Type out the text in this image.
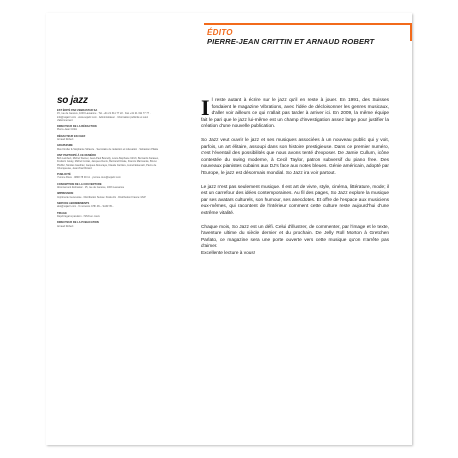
ÉDITO
PIERRE-JEAN CRITTIN ET ARNAUD ROBERT
so jazz
EST ÉDITÉ PAR ZEBRASTAR SA
15, rue de Genève, 1003 Lausanne · Tél. +41 21 311 77 22 · Fax +41 21 311 77 77 · info@sojazz.com · www.sojazz.com · Administrateur · Information publicité et suivi d'abonnement
DIRECTEUR DE LA RÉDACTION
Pierre-Jean Crittin
RÉDACTEUR EN CHEF
Arnaud Robert
GRAPHISME
Max Kindler & Stéphanie Sirlauze · Secrétaire de rédaction et indexation · Sébastien Pilatte
ONT PARTICIPÉ À CE NUMÉRO
Bob Lambert, Michel Steiner, Jean-Paul Bourelly, Louis-Stéphane Ulrich, Bernardo Karasec, Frédéric Goaty, Michel Contat, Jacques Denis, Bertrand Dicale, Francis Marmande, Bruno Pfeiffer, Nicolas Gauthier, Jacques Aboucaya, Claude Carrière, Lionel Eskenazi, Pierre de Chocqueuse, Jean-Paul Ricard
PUBLICITÉ
Yvonne Roux · 0848 78 00 11 · yvonne.roux@sojazz.com
CONCEPTION DE LA COUVERTURE
Abonnement Zebrastar · 15, rue de Genève, 1003 Lausanne
IMPRESSION
Imprimerie Genevoise · Distribution Suisse: Kiosk AG · Distribution France: MLP
SERVICE ABONNEMENTS
abo@sojazz.com · 6 numéros CHF 48.- / EUR 35.-
TIRAGE
Dépôt légal à parution · ISSN en cours
DIRECTEUR DE LA PUBLICATION
Arnaud Robert

Il reste autant à écrire sur le jazz qu'il en reste à jouer. En 1991, des Suisses fondaient le magazine Vibrations, avec l'idée de décloisonner les genres musicaux, d'aller voir ailleurs ce qui n'allait pas tarder à arriver ici. En 2009, la même équipe fait le pari que le jazz lui-même est un champ d'investigation assez large pour justifier la création d'une nouvelle publication.

So Jazz veut ouvrir le jazz et ses musiques associées à un nouveau public qui y voit, parfois, un art élitaire, assoupi dans son histoire prestigieuse. Dans ce premier numéro, c'est l'éventail des possibilités que nous avons tenté d'exposer. De Jamie Cullum, icône contestée du swing moderne, à Cecil Taylor, patron subversif du piano free. Des nouveaux pianistes cubains aux DJ's face aux notes bleues. Génie américain, adopté par l'Europe, le jazz est désormais mondial. So Jazz ira voir partout.

Le jazz n'est pas seulement musique. Il est art de vivre, style, cinéma, littérature, mode; il est un carrefour des idées contemporaines. Au fil des pages, So Jazz explore la musique par ses avatars culturels, son humour, ses anecdotes. Et offre de l'espace aux musiciens eux-mêmes, qui racontent de l'intérieur comment cette culture reste aujourd'hui d'une extrême vitalité.

Chaque mois, So Jazz est un défi. Celui d'illustrer, de commenter, par l'image et le texte, l'aventure ultime du siècle dernier et du prochain. De Jelly Roll Morton à Gretchen Parlato, ce magazine sera une porte ouverte vers cette musique qu'on n'arrête pas d'aimer.

Excellente lecture à vous!
